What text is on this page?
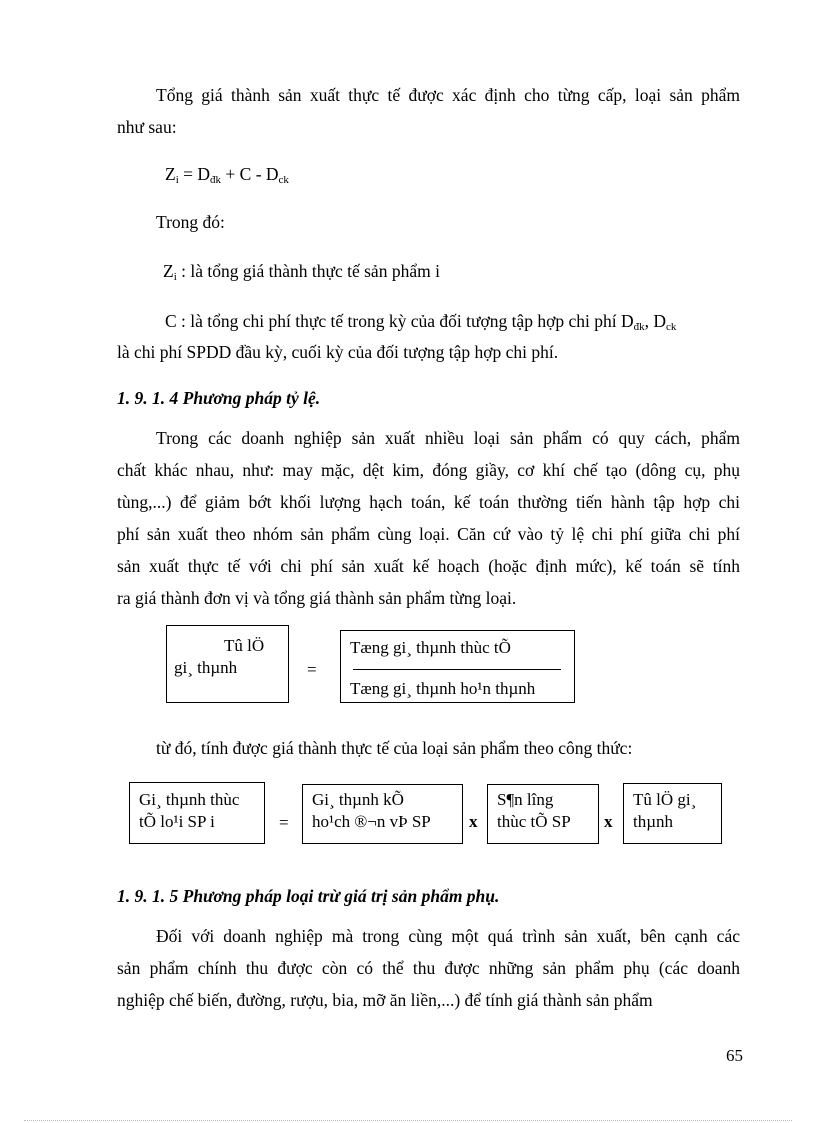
Tổng giá thành sản xuất thực tế được xác định cho từng cấp, loại sản phẩm
như sau:
$Z_i = D_{đk} + C - D_{ck}$
Trong đó:
$Z_i$ : là tổng giá thành thực tế sản phẩm i
C : là tổng chi phí thực tế trong kỳ của đối tượng tập hợp chi phí $D_{đk}$, $D_{ck}$
là chi phí SPDD đầu kỳ, cuối kỳ của đối tượng tập hợp chi phí.
1. 9. 1. 4 Phương pháp tỷ lệ.
Trong các doanh nghiệp sản xuất nhiều loại sản phẩm có quy cách, phẩm
chất khác nhau, như: may mặc, dệt kim, đóng giầy, cơ khí chế tạo (dông cụ, phụ
tùng,...) để giảm bớt khối lượng hạch toán, kế toán thường tiến hành tập hợp chi
phí sản xuất theo nhóm sản phẩm cùng loại. Căn cứ vào tỷ lệ chi phí giữa chi phí
sản xuất thực tế với chi phí sản xuất kế hoạch (hoặc định mức), kế toán sẽ tính
ra giá thành đơn vị và tổng giá thành sản phẩm từng loại.
Tû lÖ
gi¸ thµnh	=
Tæng gi¸ thµnh thùc tÕ
Tæng gi¸ thµnh ho¹n thµnh
từ đó, tính được giá thành thực tế của loại sản phẩm theo công thức:
Gi¸ thµnh thùc
tÕ lo¹i SP i	=
Gi¸ thµnh kÕ
ho¹ch ®¬n vÞ SP x
S¶n lîng
thùc tÕ SP x
Tû lÖ gi¸
thµnh
1. 9. 1. 5 Phương pháp loại trừ giá trị sản phẩm phụ.
Đối với doanh nghiệp mà trong cùng một quá trình sản xuất, bên cạnh các
sản phẩm chính thu được còn có thể thu được những sản phẩm phụ (các doanh
nghiệp chế biến, đường, rượu, bia, mỡ ăn liền,...) để tính giá thành sản phẩm
65
